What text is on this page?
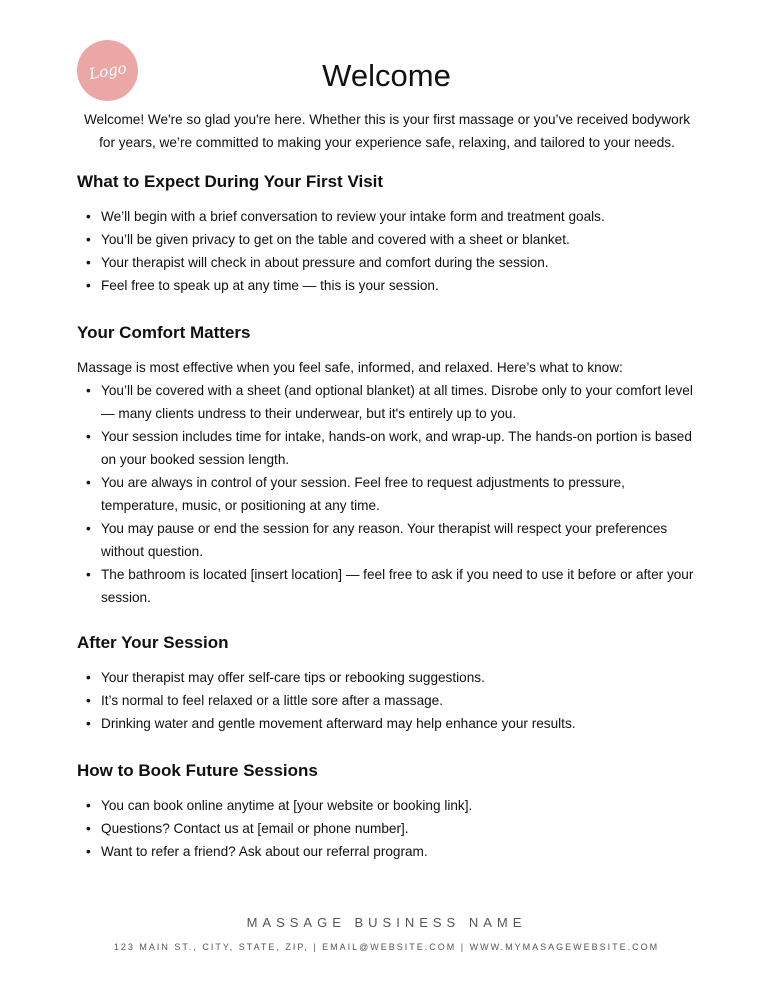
Logo	Welcome

Welcome! We're so glad you're here. Whether this is your first massage or you’ve received bodywork for years, we’re committed to making your experience safe, relaxing, and tailored to your needs.

What to Expect During Your First Visit
• We’ll begin with a brief conversation to review your intake form and treatment goals.
• You’ll be given privacy to get on the table and covered with a sheet or blanket.
• Your therapist will check in about pressure and comfort during the session.
• Feel free to speak up at any time — this is your session.
Your Comfort Matters

Massage is most effective when you feel safe, informed, and relaxed. Here’s what to know:

• You’ll be covered with a sheet (and optional blanket) at all times. Disrobe only to your comfort level — many clients undress to their underwear, but it's entirely up to you.
• Your session includes time for intake, hands-on work, and wrap-up. The hands-on portion is based on your booked session length.
• You are always in control of your session. Feel free to request adjustments to pressure, temperature, music, or positioning at any time.
• You may pause or end the session for any reason. Your therapist will respect your preferences without question.
• The bathroom is located [insert location] — feel free to ask if you need to use it before or after your session.
After Your Session
• Your therapist may offer self-care tips or rebooking suggestions.
• It’s normal to feel relaxed or a little sore after a massage.
• Drinking water and gentle movement afterward may help enhance your results.
How to Book Future Sessions
• You can book online anytime at [your website or booking link].
• Questions? Contact us at [email or phone number].
• Want to refer a friend? Ask about our referral program.
MASSAGE BUSINESS NAME
123 MAIN ST., CITY, STATE, ZIP, | EMAIL@WEBSITE.COM | WWW.MYMASAGEWEBSITE.COM
